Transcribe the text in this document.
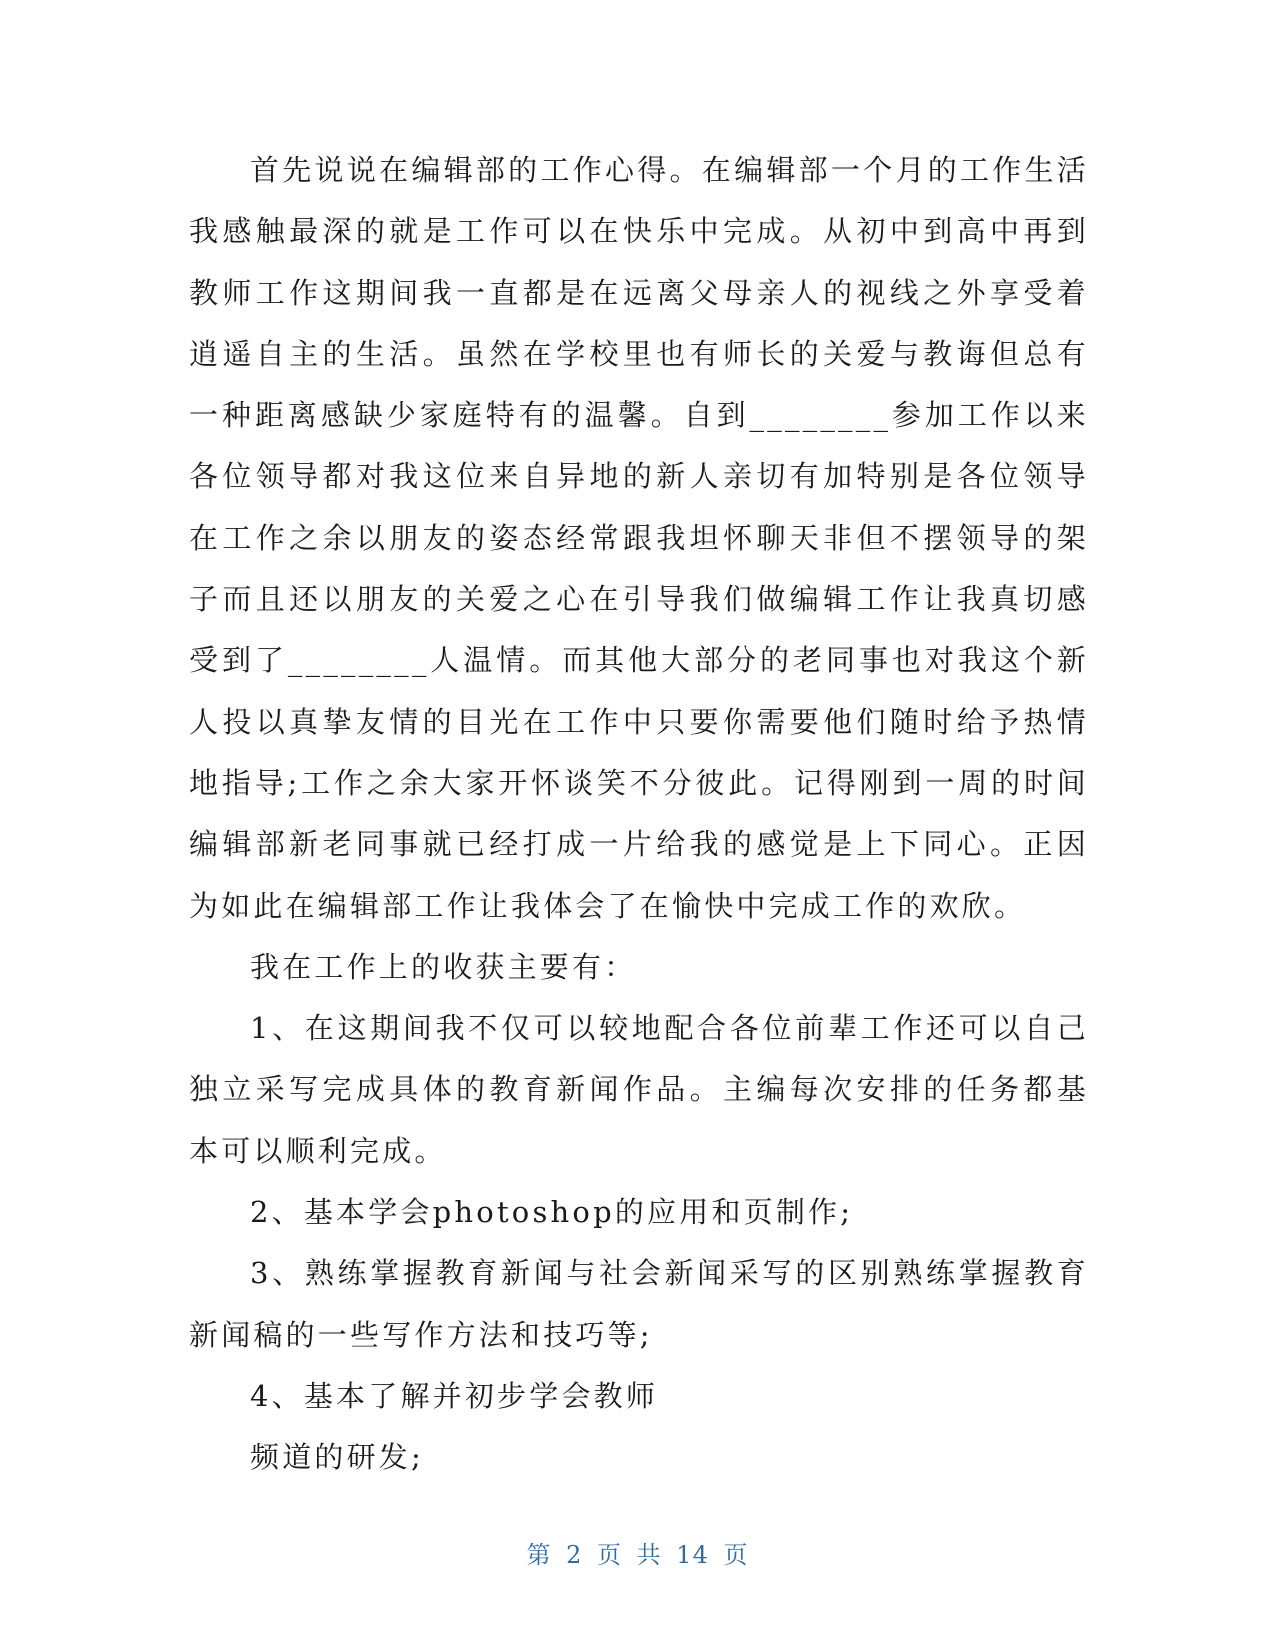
首先说说在编辑部的工作心得。在编辑部一个月的工作生活我感触最深的就是工作可以在快乐中完成。从初中到高中再到教师工作这期间我一直都是在远离父母亲人的视线之外享受着逍遥自主的生活。虽然在学校里也有师长的关爱与教诲但总有一种距离感缺少家庭特有的温馨。自到________参加工作以来各位领导都对我这位来自异地的新人亲切有加特别是各位领导在工作之余以朋友的姿态经常跟我坦怀聊天非但不摆领导的架子而且还以朋友的关爱之心在引导我们做编辑工作让我真切感受到了________人温情。而其他大部分的老同事也对我这个新人投以真挚友情的目光在工作中只要你需要他们随时给予热情地指导;工作之余大家开怀谈笑不分彼此。记得刚到一周的时间编辑部新老同事就已经打成一片给我的感觉是上下同心。正因为如此在编辑部工作让我体会了在愉快中完成工作的欢欣。

我在工作上的收获主要有：

1、在这期间我不仅可以较地配合各位前辈工作还可以自己独立采写完成具体的教育新闻作品。主编每次安排的任务都基本可以顺利完成。

2、基本学会photoshop的应用和页制作;

3、熟练掌握教育新闻与社会新闻采写的区别熟练掌握教育新闻稿的一些写作方法和技巧等;

4、基本了解并初步学会教师

频道的研发;

第 2 页 共 14 页
